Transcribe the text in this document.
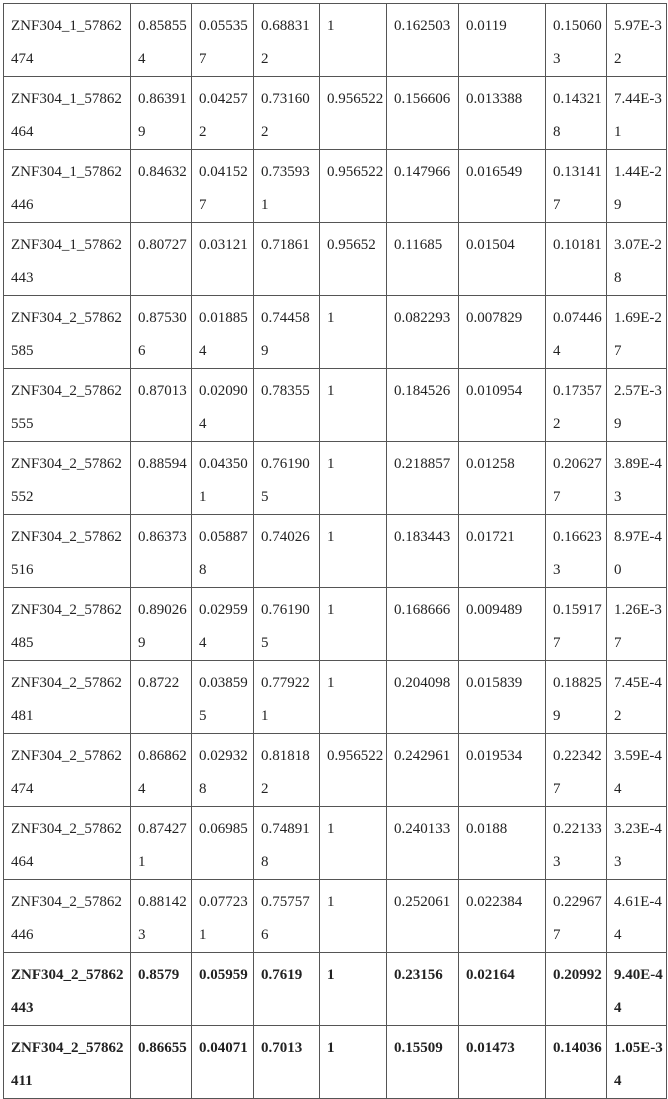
ZNF304_1_57862474	0.858554	0.055357	0.688312	1	0.162503	0.0119	0.150603	5.97E-32
ZNF304_1_57862464	0.863919	0.042572	0.731602	0.956522	0.156606	0.013388	0.143218	7.44E-31
ZNF304_1_57862446	0.84632	0.041527	0.735931	0.956522	0.147966	0.016549	0.131417	1.44E-29
ZNF304_1_57862443	0.80727	0.03121	0.71861	0.95652	0.11685	0.01504	0.10181	3.07E-28
ZNF304_2_57862585	0.875306	0.018854	0.744589	1	0.082293	0.007829	0.074464	1.69E-27
ZNF304_2_57862555	0.87013	0.020904	0.78355	1	0.184526	0.010954	0.173572	2.57E-39
ZNF304_2_57862552	0.88594	0.043501	0.761905	1	0.218857	0.01258	0.206277	3.89E-43
ZNF304_2_57862516	0.86373	0.058878	0.74026	1	0.183443	0.01721	0.166233	8.97E-40
ZNF304_2_57862485	0.890269	0.029594	0.761905	1	0.168666	0.009489	0.159177	1.26E-37
ZNF304_2_57862481	0.8722	0.038595	0.779221	1	0.204098	0.015839	0.188259	7.45E-42
ZNF304_2_57862474	0.868624	0.029328	0.818182	0.956522	0.242961	0.019534	0.223427	3.59E-44
ZNF304_2_57862464	0.874271	0.06985	0.748918	1	0.240133	0.0188	0.221333	3.23E-43
ZNF304_2_57862446	0.881423	0.077231	0.757576	1	0.252061	0.022384	0.229677	4.61E-44
ZNF304_2_57862443	0.8579	0.05959	0.7619	1	0.23156	0.02164	0.20992	9.40E-44
ZNF304_2_57862411	0.86655	0.04071	0.7013	1	0.15509	0.01473	0.14036	1.05E-34
